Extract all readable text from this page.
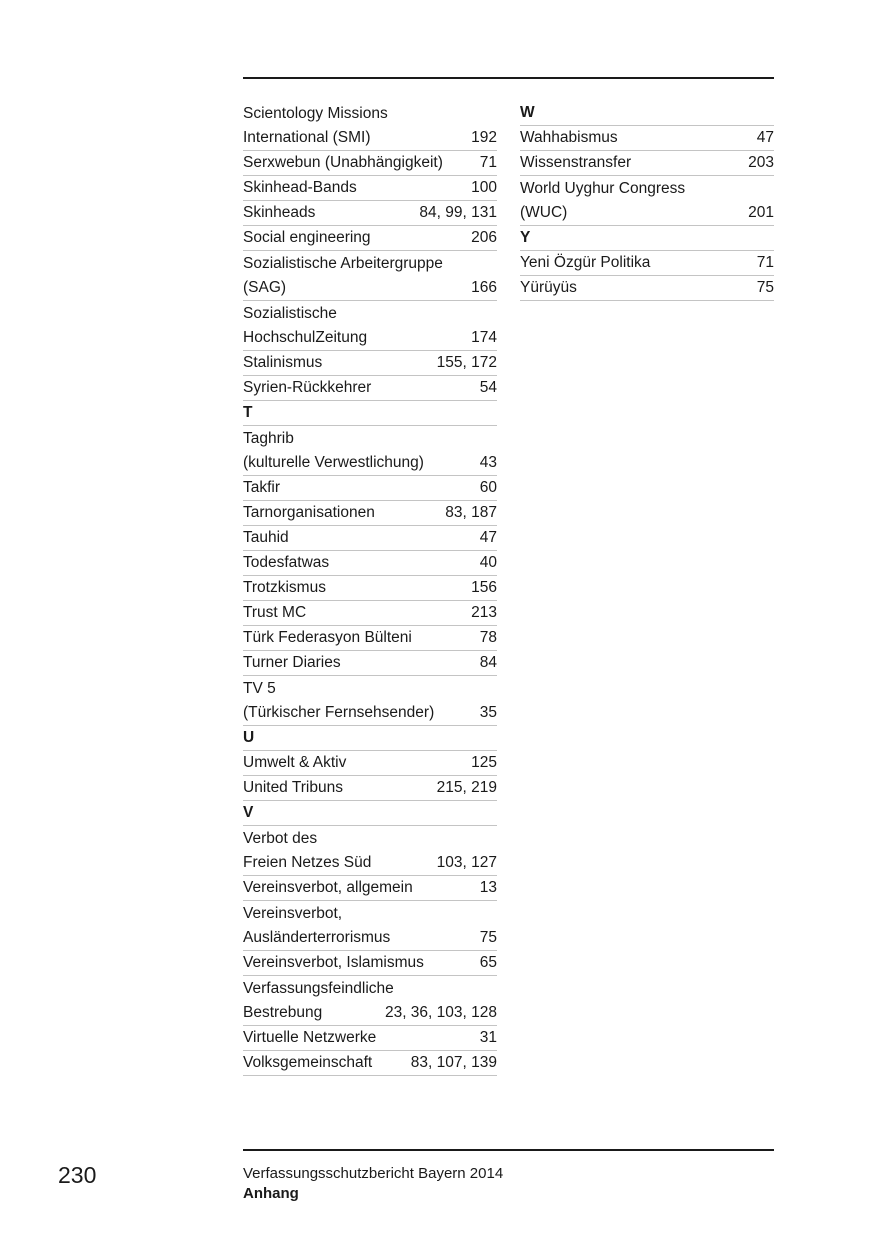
Scientology Missions
International (SMI)	192
Serxwebun (Unabhängigkeit) 71
Skinhead-Bands	100
Skinheads	84, 99, 131
Social engineering	206
Sozialistische Arbeitergruppe
(SAG)	166
Sozialistische
HochschulZeitung	174
Stalinismus	155, 172
Syrien-Rückkehrer	54
T
Taghrib
(kulturelle Verwestlichung)	43
Takfir	60
Tarnorganisationen	83, 187
Tauhid	47
Todesfatwas	40
Trotzkismus	156
Trust MC	213
Türk Federasyon Bülteni	78
Turner Diaries	84
TV 5
(Türkischer Fernsehsender)	35
U
Umwelt & Aktiv	125
United Tribuns	215, 219
V
Verbot des
Freien Netzes Süd	103, 127
Vereinsverbot, allgemein	13
Vereinsverbot,
Ausländerterrorismus	75
Vereinsverbot, Islamismus	65
Verfassungsfeindliche
Bestrebung	23, 36, 103, 128
Virtuelle Netzwerke	31
Volksgemeinschaft 83, 107, 139
W
Wahhabismus	47
Wissenstransfer	203
World Uyghur Congress
(WUC)	201
Y
Yeni Özgür Politika	71
Yürüyüs	75
230	Verfassungsschutzbericht Bayern 2014
Anhang
